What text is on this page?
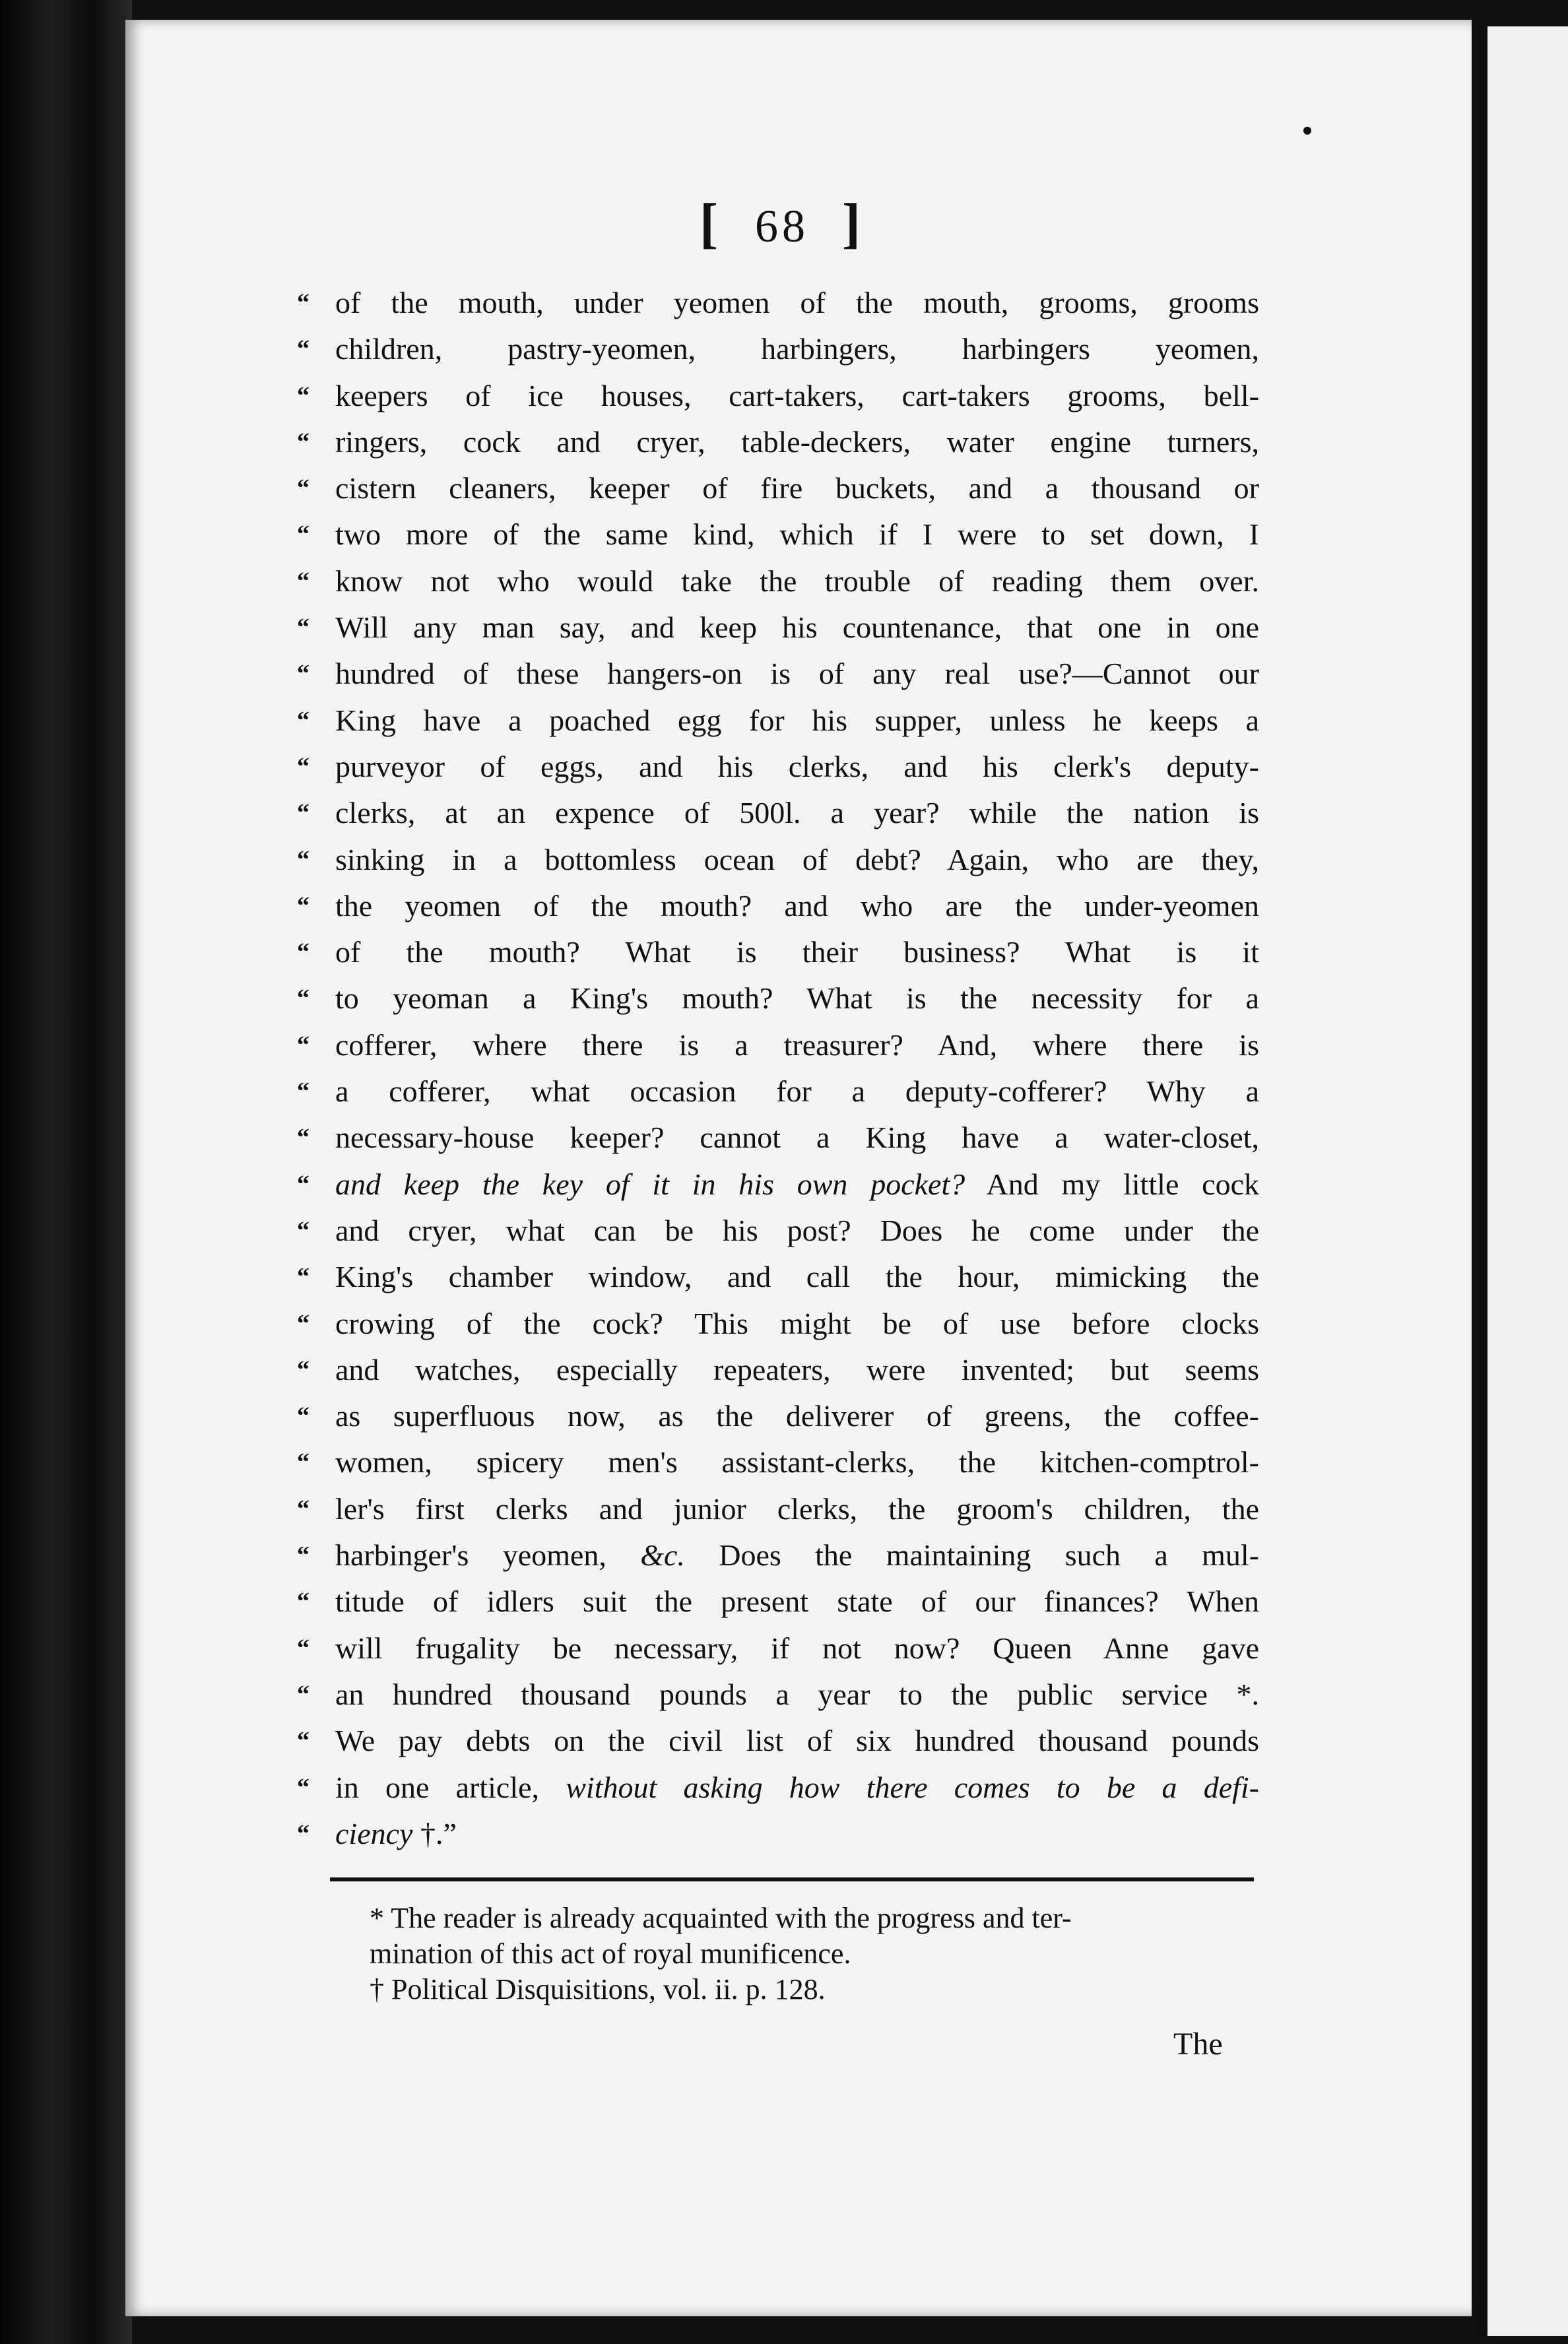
[ 68 ]
“ of the mouth, under yeomen of the mouth, grooms, grooms
“ children, pastry-yeomen, harbingers, harbingers yeomen,
“ keepers of ice houses, cart-takers, cart-takers grooms, bell-
“ ringers, cock and cryer, table-deckers, water engine turners,
“ cistern cleaners, keeper of fire buckets, and a thousand or
“ two more of the same kind, which if I were to set down, I
“ know not who would take the trouble of reading them over.
“ Will any man say, and keep his countenance, that one in one
“ hundred of these hangers-on is of any real use?—Cannot our
“ King have a poached egg for his supper, unless he keeps a
“ purveyor of eggs, and his clerks, and his clerk's deputy-
“ clerks, at an expence of 500l. a year? while the nation is
“ sinking in a bottomless ocean of debt? Again, who are they,
“ the yeomen of the mouth? and who are the under-yeomen
“ of the mouth? What is their business? What is it
“ to yeoman a King's mouth? What is the necessity for a
“ cofferer, where there is a treasurer? And, where there is
“ a cofferer, what occasion for a deputy-cofferer? Why a
“ necessary-house keeper? cannot a King have a water-closet,
“ and keep the key of it in his own pocket? And my little cock
“ and cryer, what can be his post? Does he come under the
“ King's chamber window, and call the hour, mimicking the
“ crowing of the cock? This might be of use before clocks
“ and watches, especially repeaters, were invented; but seems
“ as superfluous now, as the deliverer of greens, the coffee-
“ women, spicery men's assistant-clerks, the kitchen-comptrol-
“ ler's first clerks and junior clerks, the groom's children, the
“ harbinger's yeomen, &c. Does the maintaining such a mul-
“ titude of idlers suit the present state of our finances? When
“ will frugality be necessary, if not now? Queen Anne gave
“ an hundred thousand pounds a year to the public service *.
“ We pay debts on the civil list of six hundred thousand pounds
“ in one article, without asking how there comes to be a defi-
“ ciency †.”
* The reader is already acquainted with the progress and ter-
mination of this act of royal munificence.
† Political Disquisitions, vol. ii. p. 128.
The
